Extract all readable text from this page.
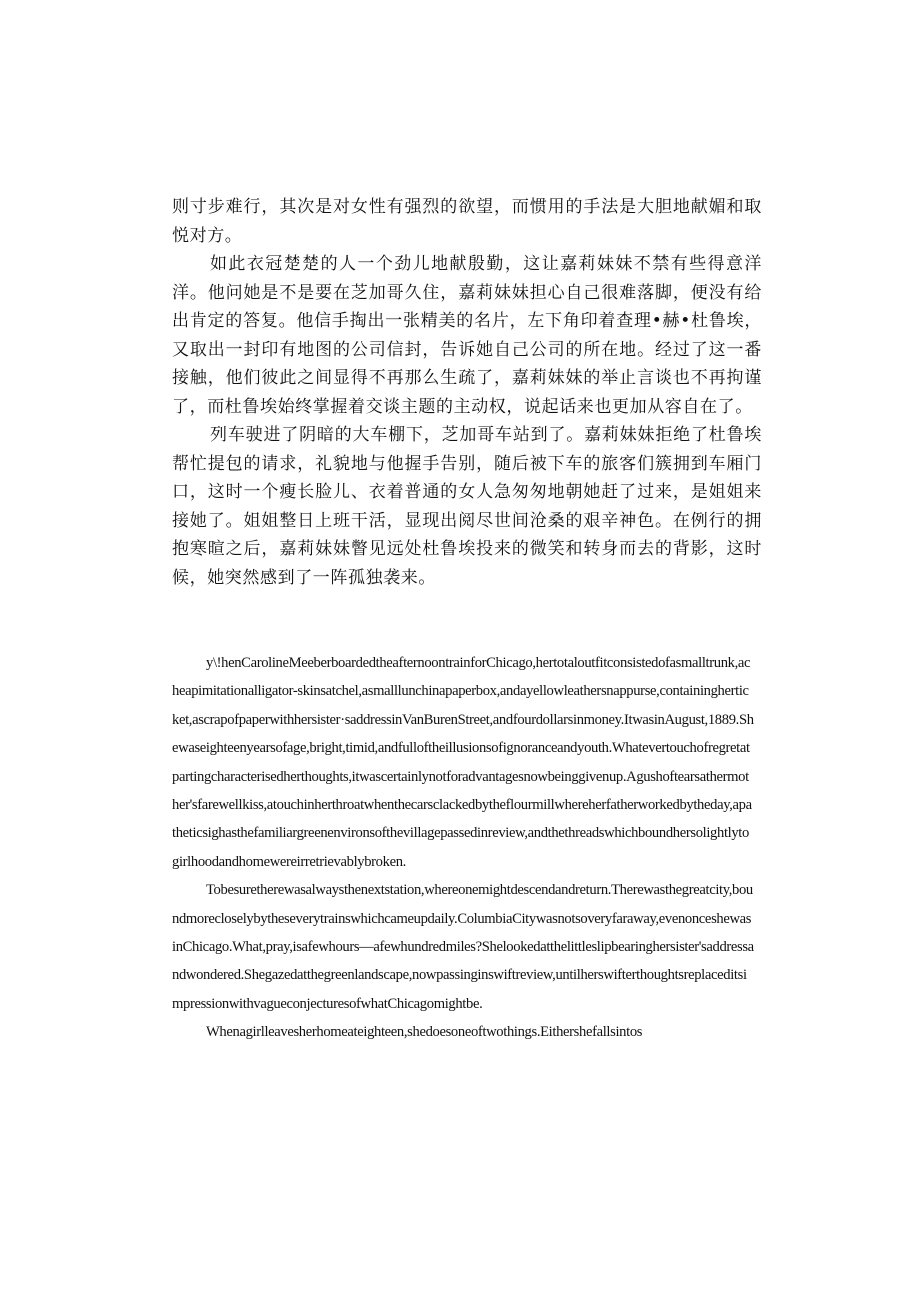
则寸步难行，其次是对女性有强烈的欲望，而惯用的手法是大胆地献媚和取悦对方。

如此衣冠楚楚的人一个劲儿地献殷勤，这让嘉莉妹妹不禁有些得意洋洋。他问她是不是要在芝加哥久住，嘉莉妹妹担心自己很难落脚，便没有给出肯定的答复。他信手掏出一张精美的名片，左下角印着查理•赫•杜鲁埃，又取出一封印有地图的公司信封，告诉她自己公司的所在地。经过了这一番接触，他们彼此之间显得不再那么生疏了，嘉莉妹妹的举止言谈也不再拘谨了，而杜鲁埃始终掌握着交谈主题的主动权，说起话来也更加从容自在了。

列车驶进了阴暗的大车棚下，芝加哥车站到了。嘉莉妹妹拒绝了杜鲁埃帮忙提包的请求，礼貌地与他握手告别，随后被下车的旅客们簇拥到车厢门口，这时一个瘦长脸儿、衣着普通的女人急匆匆地朝她赶了过来，是姐姐来接她了。姐姐整日上班干活，显现出阅尽世间沧桑的艰辛神色。在例行的拥抱寒暄之后，嘉莉妹妹瞥见远处杜鲁埃投来的微笑和转身而去的背影，这时候，她突然感到了一阵孤独袭来。

y\!henCarolineMeeberboardedtheafternoontrainforChicago,hertotaloutfitconsistedofasmalltrunk,acheapimitationalligator-skinsatchel,asmalllunchinapaperbox,andayellowleathersnappurse,containingherticket,ascrapofpaperwithhersister·saddressinVanBurenStreet,andfourdollarsinmoney.ItwasinAugust,1889.Shewaseighteenyearsofage,bright,timid,andfulloftheillusionsofignoranceandyouth.Whatevertouchofregretatpartingcharacterisedherthoughts,itwascertainlynotforadvantagesnowbeinggivenup.Agushoftearsathermother'sfarewellkiss,atouchinherthroatwhenthecarsclackedbytheflourmillwhereherfatherworkedbytheday,apatheticsighasthefamiliargreenenvironsofthevillagepassedinreview,andthethreadswhichboundhersolightlytogirlhoodandhomewereirretrievablybroken.

Tobesuretherewasalwaysthenextstation,whereonemightdescendandreturn.Therewasthegreatcity,boundmorecloselybytheseverytrainswhichcameupdaily.ColumbiaCitywasnotsoveryfaraway,evenonceshewasinChicago.What,pray,isafewhours—afewhundredmiles?Shelookedatthelittleslipbearinghersister'saddressandwondered.Shegazedatthegreenlandscape,nowpassinginswiftreview,untilherswifterthoughtsreplaceditsimpressionwithvagueconjecturesofwhatChicagomightbe.

Whenagirlleavesherhomeateighteen,shedoesoneoftwothings.Eithershefallsintos
